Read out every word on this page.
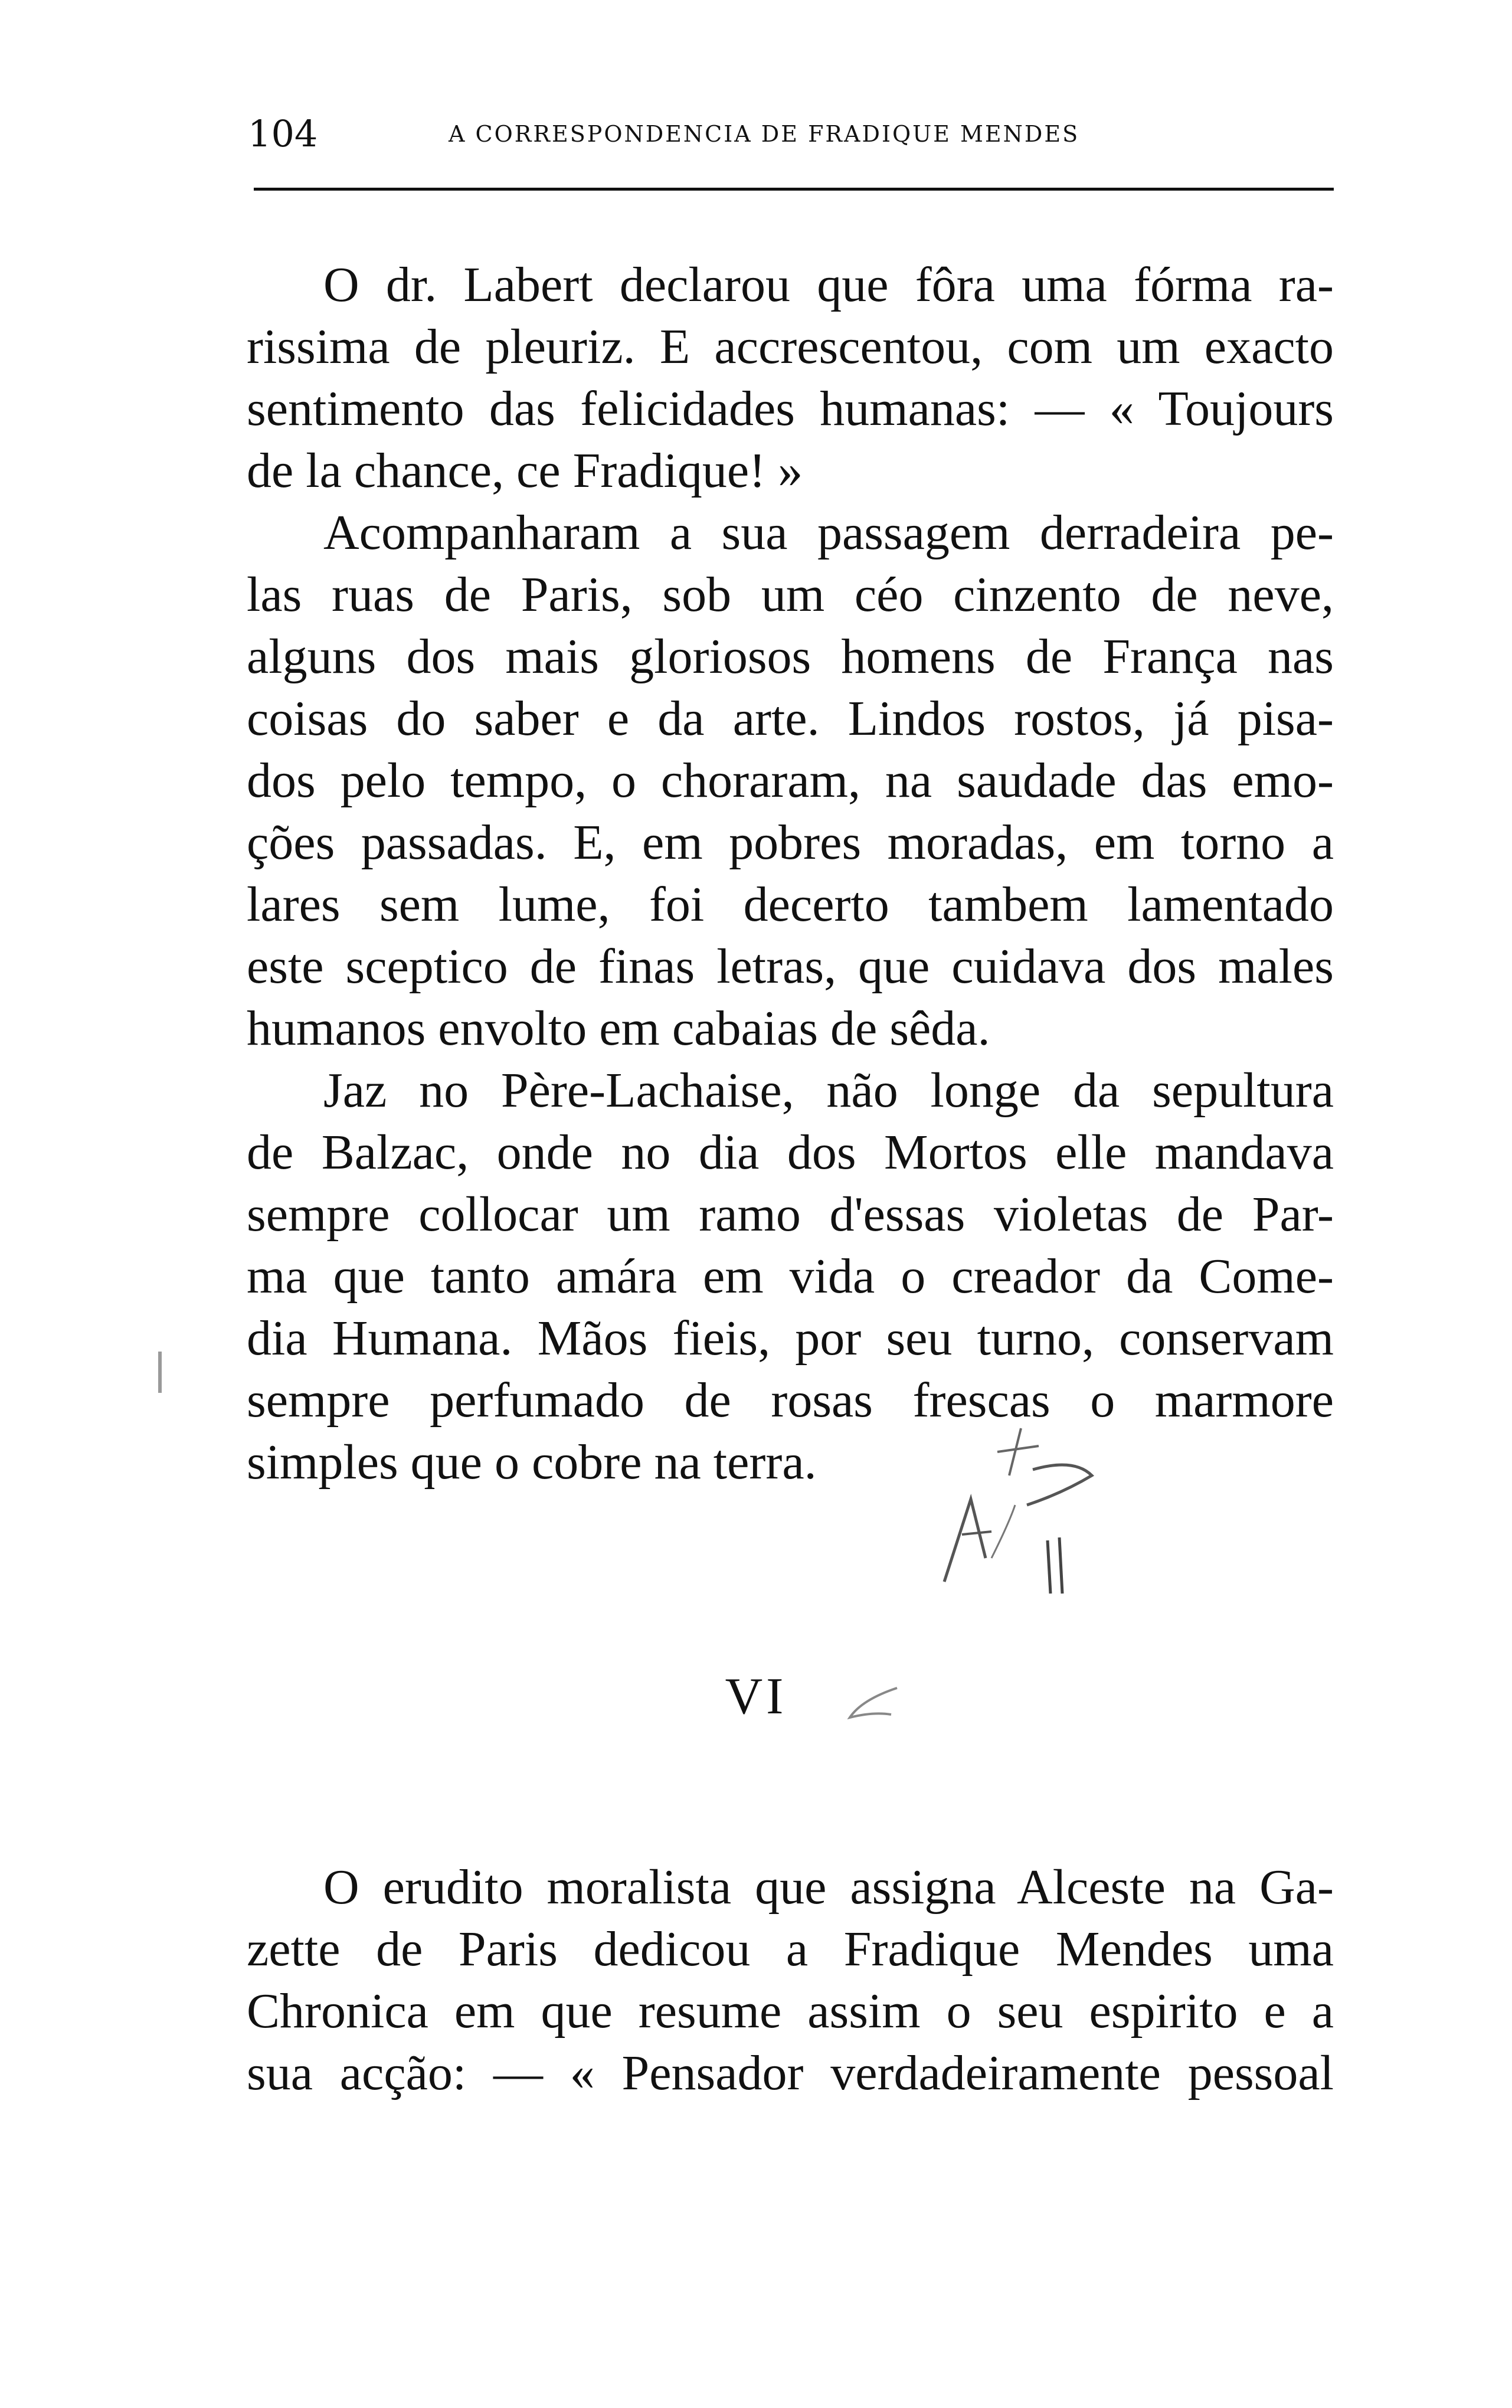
104	A CORRESPONDENCIA DE FRADIQUE MENDES
O dr. Labert declarou que fôra uma fórma ra-
rissima de pleuriz. E accrescentou, com um exacto
sentimento das felicidades humanas: — « Toujours
de la chance, ce Fradique! »
Acompanharam a sua passagem derradeira pe-
las ruas de Paris, sob um céo cinzento de neve,
alguns dos mais gloriosos homens de França nas
coisas do saber e da arte. Lindos rostos, já pisa-
dos pelo tempo, o choraram, na saudade das emo-
ções passadas. E, em pobres moradas, em torno a
lares sem lume, foi decerto tambem lamentado
este sceptico de finas letras, que cuidava dos males
humanos envolto em cabaias de sêda.
Jaz no Père-Lachaise, não longe da sepultura
de Balzac, onde no dia dos Mortos elle mandava
sempre collocar um ramo d'essas violetas de Par-
ma que tanto amára em vida o creador da Come-
dia Humana. Mãos fieis, por seu turno, conservam
sempre perfumado de rosas frescas o marmore
simples que o cobre na terra.
VI
O erudito moralista que assigna Alceste na Ga-
zette de Paris dedicou a Fradique Mendes uma
Chronica em que resume assim o seu espirito e a
sua acção: — « Pensador verdadeiramente pessoal
